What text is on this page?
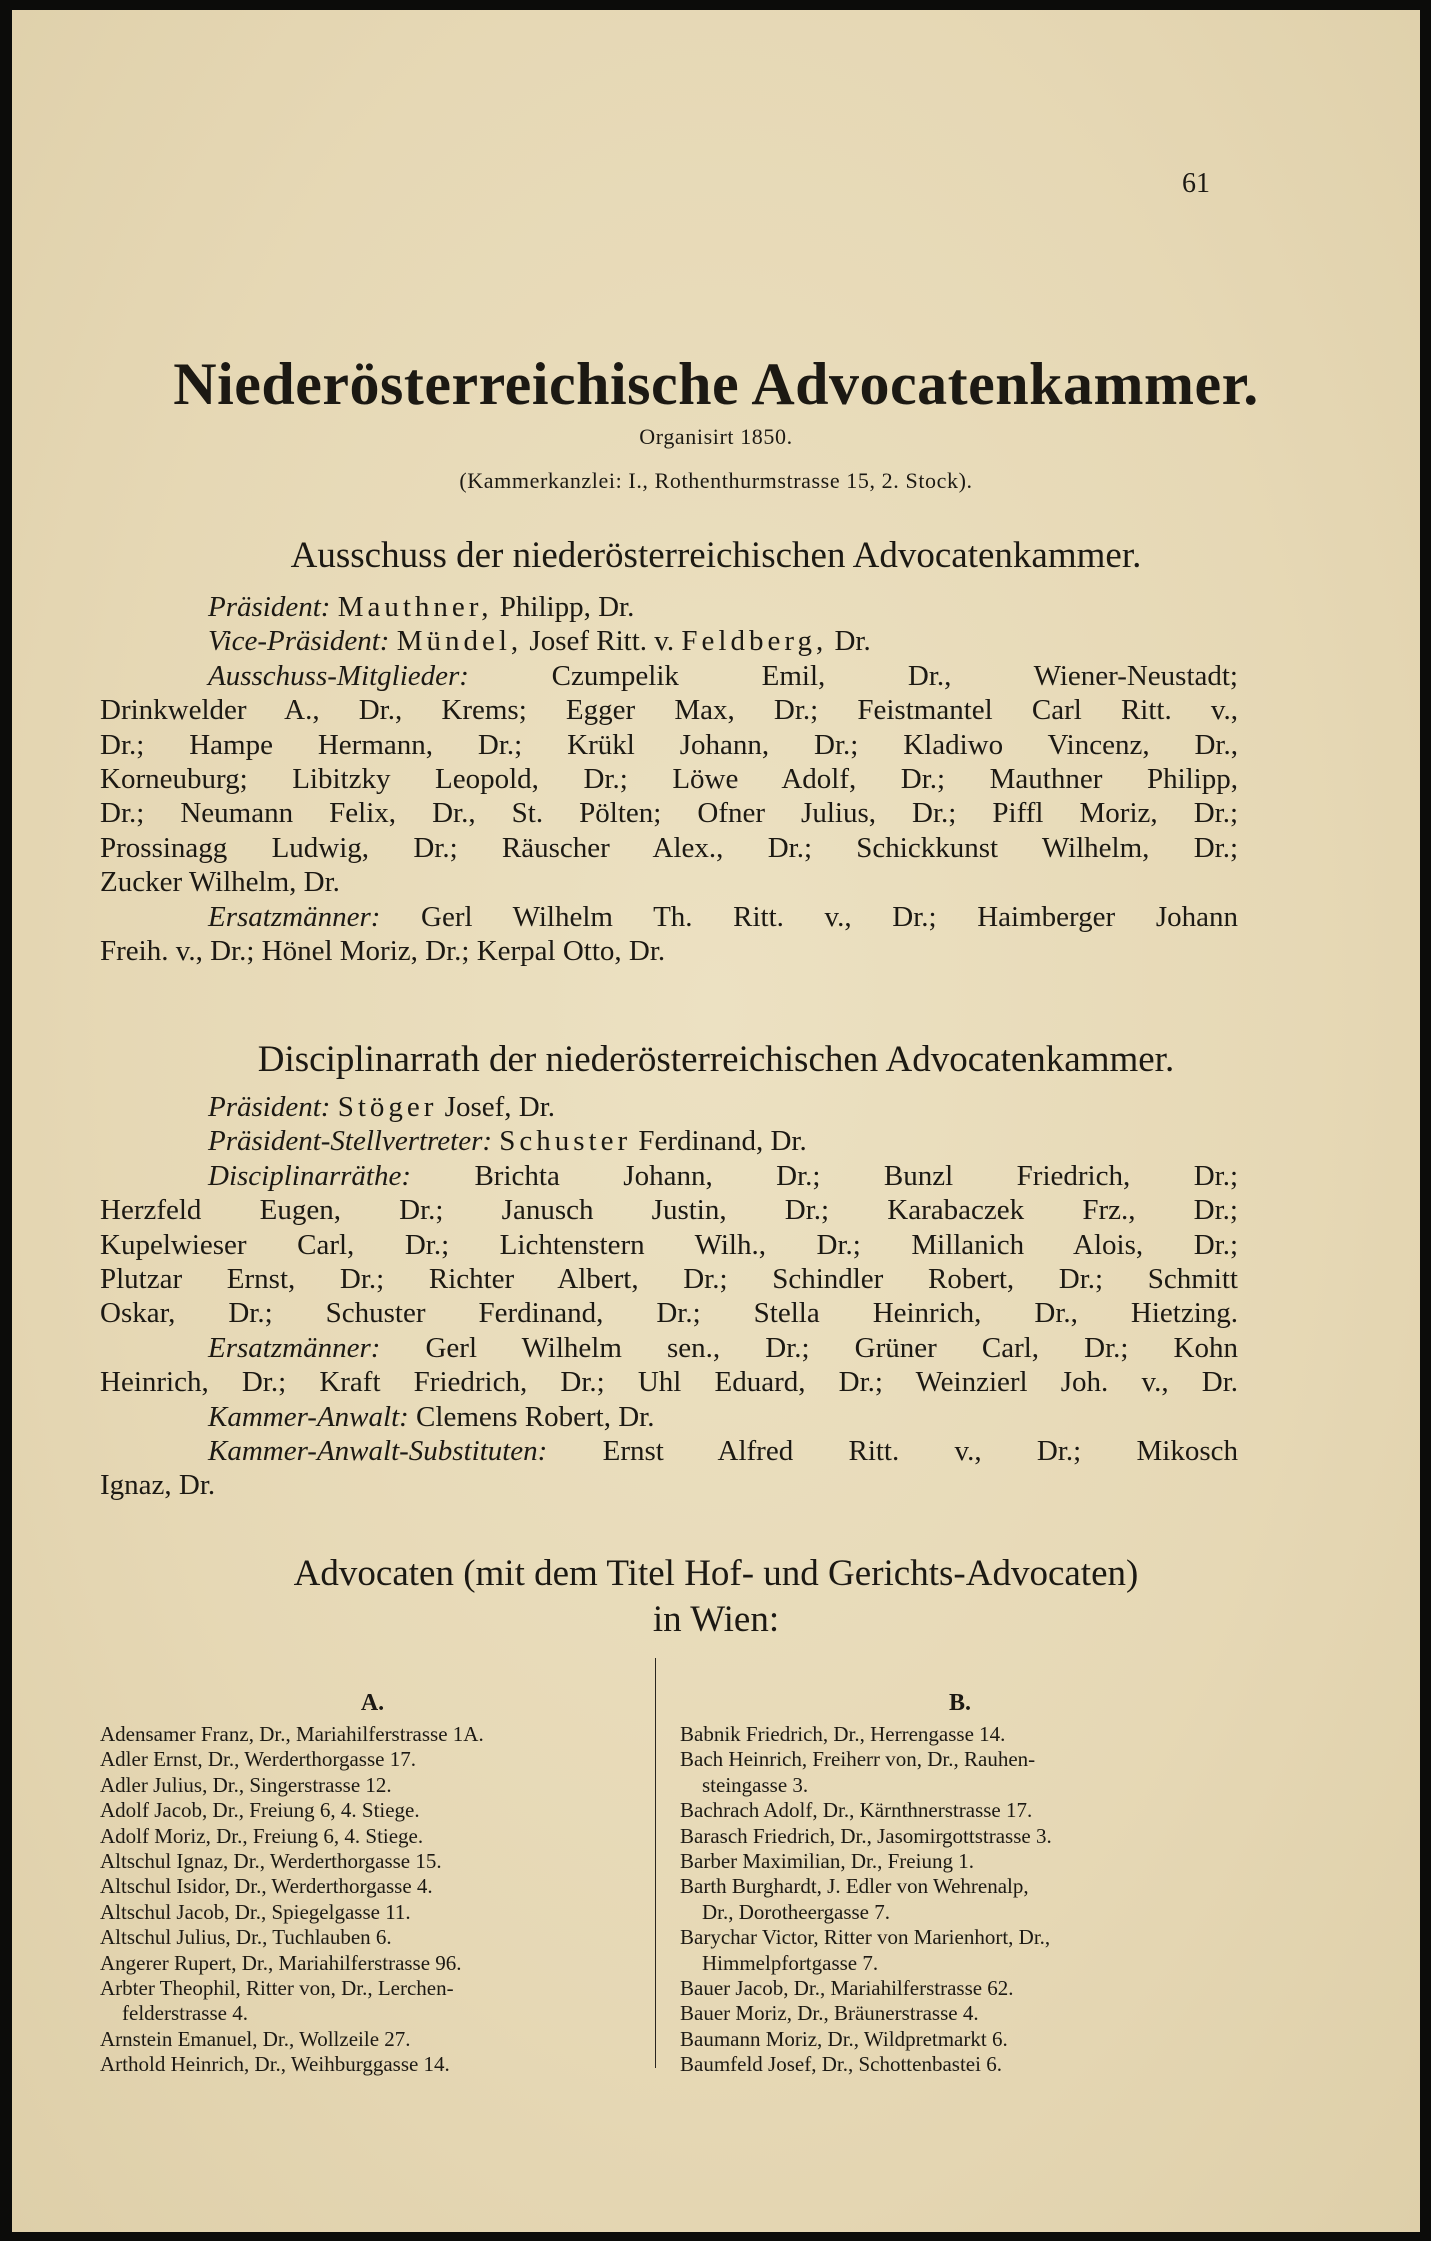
61
Niederösterreichische Advocatenkammer.
Organisirt 1850.
(Kammerkanzlei: I., Rothenthurmstrasse 15, 2. Stock).
Ausschuss der niederösterreichischen Advocatenkammer.
Präsident: Mauthner, Philipp, Dr.
Vice-Präsident: Mündel, Josef Ritt. v. Feldberg, Dr.
Ausschuss-Mitglieder: Czumpelik Emil, Dr., Wiener-Neustadt;
Drinkwelder A., Dr., Krems; Egger Max, Dr.; Feistmantel Carl Ritt. v.,
Dr.; Hampe Hermann, Dr.; Krükl Johann, Dr.; Kladiwo Vincenz, Dr.,
Korneuburg; Libitzky Leopold, Dr.; Löwe Adolf, Dr.; Mauthner Philipp,
Dr.; Neumann Felix, Dr., St. Pölten; Ofner Julius, Dr.; Piffl Moriz, Dr.;
Prossinagg Ludwig, Dr.; Räuscher Alex., Dr.; Schickkunst Wilhelm, Dr.;
Zucker Wilhelm, Dr.
Ersatzmänner: Gerl Wilhelm Th. Ritt. v., Dr.; Haimberger Johann
Freih. v., Dr.; Hönel Moriz, Dr.; Kerpal Otto, Dr.
Disciplinarrath der niederösterreichischen Advocatenkammer.
Präsident: Stöger Josef, Dr.
Präsident-Stellvertreter: Schuster Ferdinand, Dr.
Disciplinarräthe: Brichta Johann, Dr.; Bunzl Friedrich, Dr.;
Herzfeld Eugen, Dr.; Janusch Justin, Dr.; Karabaczek Frz., Dr.;
Kupelwieser Carl, Dr.; Lichtenstern Wilh., Dr.; Millanich Alois, Dr.;
Plutzar Ernst, Dr.; Richter Albert, Dr.; Schindler Robert, Dr.; Schmitt
Oskar, Dr.; Schuster Ferdinand, Dr.; Stella Heinrich, Dr., Hietzing.
Ersatzmänner: Gerl Wilhelm sen., Dr.; Grüner Carl, Dr.; Kohn
Heinrich, Dr.; Kraft Friedrich, Dr.; Uhl Eduard, Dr.; Weinzierl Joh. v., Dr.
Kammer-Anwalt: Clemens Robert, Dr.
Kammer-Anwalt-Substituten: Ernst Alfred Ritt. v., Dr.; Mikosch
Ignaz, Dr.
Advocaten (mit dem Titel Hof- und Gerichts-Advocaten)
in Wien:
A.
Adensamer Franz, Dr., Mariahilferstrasse 1A.
Adler Ernst, Dr., Werderthorgasse 17.
Adler Julius, Dr., Singerstrasse 12.
Adolf Jacob, Dr., Freiung 6, 4. Stiege.
Adolf Moriz, Dr., Freiung 6, 4. Stiege.
Altschul Ignaz, Dr., Werderthorgasse 15.
Altschul Isidor, Dr., Werderthorgasse 4.
Altschul Jacob, Dr., Spiegelgasse 11.
Altschul Julius, Dr., Tuchlauben 6.
Angerer Rupert, Dr., Mariahilferstrasse 96.
Arbter Theophil, Ritter von, Dr., Lerchen-
felderstrasse 4.
Arnstein Emanuel, Dr., Wollzeile 27.
Arthold Heinrich, Dr., Weihburggasse 14.
B.
Babnik Friedrich, Dr., Herrengasse 14.
Bach Heinrich, Freiherr von, Dr., Rauhen-
steingasse 3.
Bachrach Adolf, Dr., Kärnthnerstrasse 17.
Barasch Friedrich, Dr., Jasomirgottstrasse 3.
Barber Maximilian, Dr., Freiung 1.
Barth Burghardt, J. Edler von Wehrenalp,
Dr., Dorotheergasse 7.
Barychar Victor, Ritter von Marienhort, Dr.,
Himmelpfortgasse 7.
Bauer Jacob, Dr., Mariahilferstrasse 62.
Bauer Moriz, Dr., Bräunerstrasse 4.
Baumann Moriz, Dr., Wildpretmarkt 6.
Baumfeld Josef, Dr., Schottenbastei 6.
